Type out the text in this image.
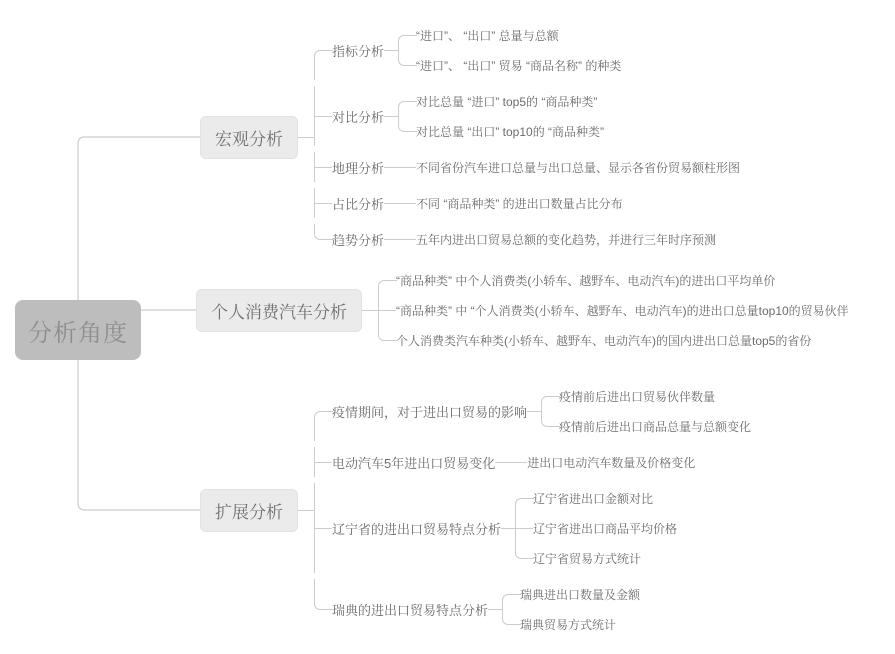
分析角度
宏观分析
指标分析
“进口”、 “出口” 总量与总额
“进口”、 “出口” 贸易 “商品名称” 的种类
对比分析
对比总量 “进口” top5的 “商品种类”
对比总量 “出口” top10的 “商品种类”
地理分析	不同省份汽车进口总量与出口总量、显示各省份贸易额柱形图
占比分析	不同 “商品种类” 的进出口数量占比分布
趋势分析	五年内进出口贸易总额的变化趋势，并进行三年时序预测
个人消费汽车分析
“商品种类” 中个人消费类(小轿车、越野车、电动汽车)的进出口平均单价
“商品种类” 中 “个人消费类(小轿车、越野车、电动汽车)的进出口总量top10的贸易伙伴
个人消费类汽车种类(小轿车、越野车、电动汽车)的国内进出口总量top5的省份
扩展分析
疫情期间，对于进出口贸易的影响
疫情前后进出口贸易伙伴数量
疫情前后进出口商品总量与总额变化
电动汽车5年进出口贸易变化	进出口电动汽车数量及价格变化
辽宁省的进出口贸易特点分析
辽宁省进出口金额对比
辽宁省进出口商品平均价格
辽宁省贸易方式统计
瑞典的进出口贸易特点分析
瑞典进出口数量及金额
瑞典贸易方式统计
